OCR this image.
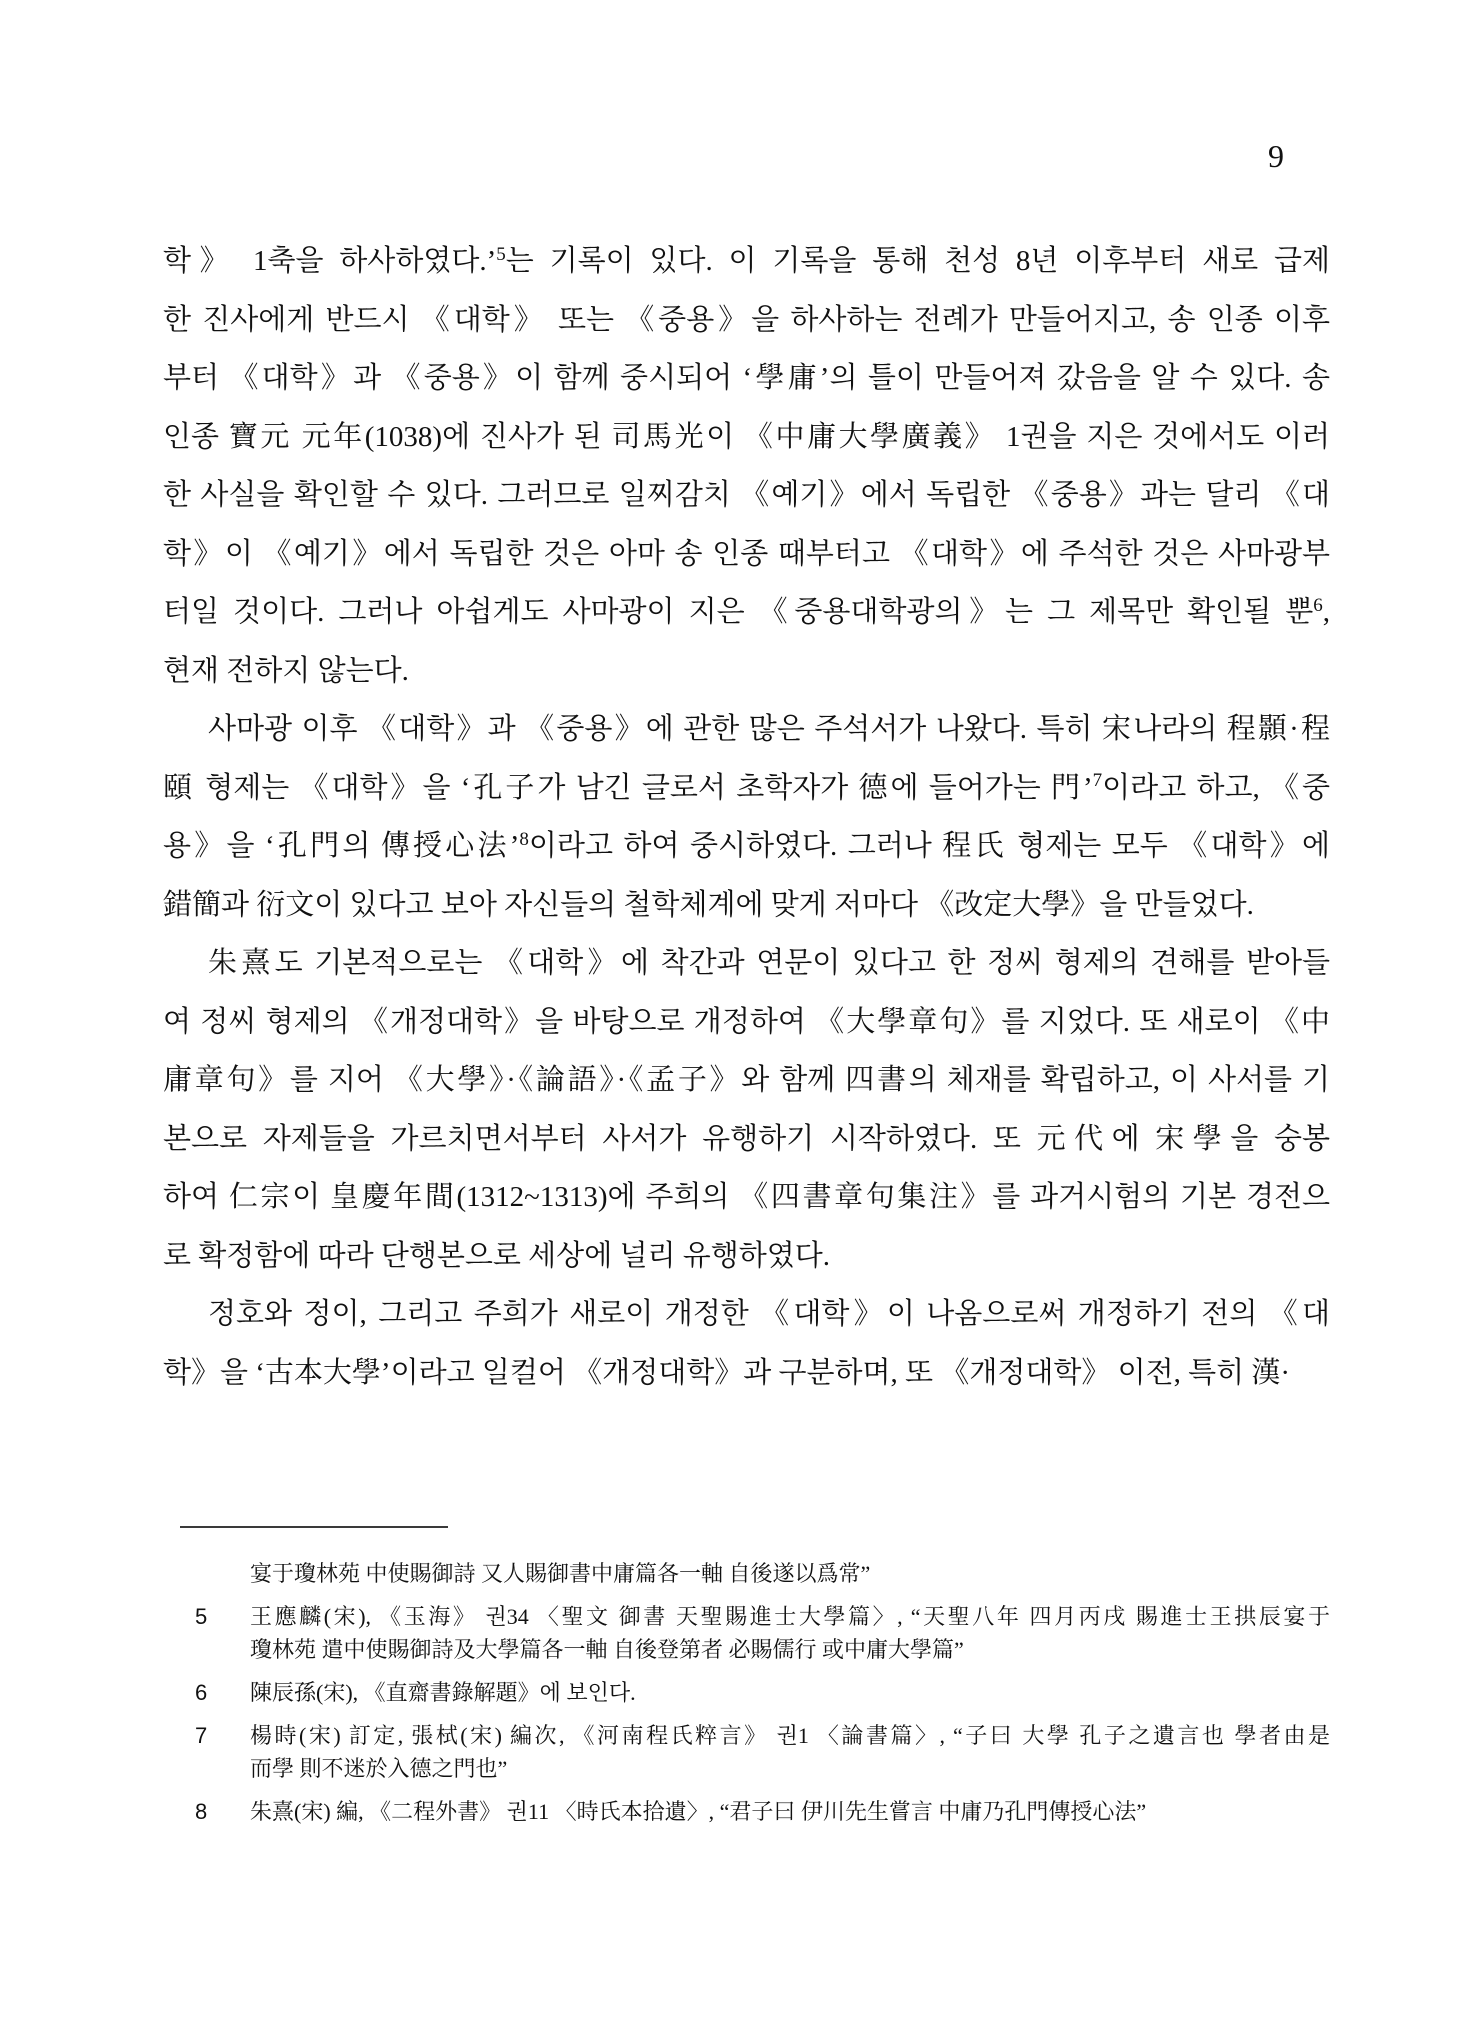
9
학》 1축을 하사하였다.’$^5$는 기록이 있다. 이 기록을 통해 천성 8년 이후부터 새로 급제
한 진사에게 반드시 《대학》 또는 《중용》을 하사하는 전례가 만들어지고, 송 인종 이후
부터 《대학》과 《중용》이 함께 중시되어 ‘學庸’의 틀이 만들어져 갔음을 알 수 있다. 송
인종 寶元 元年(1038)에 진사가 된 司馬光이 《中庸大學廣義》 1권을 지은 것에서도 이러
한 사실을 확인할 수 있다. 그러므로 일찌감치 《예기》에서 독립한 《중용》과는 달리 《대
학》이 《예기》에서 독립한 것은 아마 송 인종 때부터고 《대학》에 주석한 것은 사마광부
터일 것이다. 그러나 아쉽게도 사마광이 지은 《중용대학광의》는 그 제목만 확인될 뿐$^6$,
현재 전하지 않는다.
사마광 이후 《대학》과 《중용》에 관한 많은 주석서가 나왔다. 특히 宋나라의 程顥·程
頤 형제는 《대학》을 ‘孔子가 남긴 글로서 초학자가 德에 들어가는 門’$^7$이라고 하고, 《중
용》을 ‘孔門의 傳授心法’$^8$이라고 하여 중시하였다. 그러나 程氏 형제는 모두 《대학》에
錯簡과 衍文이 있다고 보아 자신들의 철학체계에 맞게 저마다 《改定大學》을 만들었다.
朱熹도 기본적으로는 《대학》에 착간과 연문이 있다고 한 정씨 형제의 견해를 받아들
여 정씨 형제의 《개정대학》을 바탕으로 개정하여 《大學章句》를 지었다. 또 새로이 《中
庸章句》를 지어 《大學》·《論語》·《孟子》와 함께 四書의 체재를 확립하고, 이 사서를 기
본으로 자제들을 가르치면서부터 사서가 유행하기 시작하였다. 또 元代에 宋學을 숭봉
하여 仁宗이 皇慶年間(1312~1313)에 주희의 《四書章句集注》를 과거시험의 기본 경전으
로 확정함에 따라 단행본으로 세상에 널리 유행하였다.
정호와 정이, 그리고 주희가 새로이 개정한 《대학》이 나옴으로써 개정하기 전의 《대
학》을 ‘古本大學’이라고 일컬어 《개정대학》과 구분하며, 또 《개정대학》 이전, 특히 漢·
宴于瓊林苑 中使賜御詩 又人賜御書中庸篇各一軸 自後遂以爲常”
5	王應麟(宋), 《玉海》 권34 〈聖文 御書 天聖賜進士大學篇〉, “天聖八年 四月丙戌 賜進士王拱辰宴于
瓊林苑 遣中使賜御詩及大學篇各一軸 自後登第者 必賜儒行 或中庸大學篇”
6	陳辰孫(宋), 《直齋書錄解題》에 보인다.
7	楊時(宋) 訂定, 張栻(宋) 編次, 《河南程氏粹言》 권1 〈論書篇〉, “子曰 大學 孔子之遺言也 學者由是
而學 則不迷於入德之門也”
8	朱熹(宋) 編, 《二程外書》 권11 〈時氏本拾遺〉, “君子曰 伊川先生嘗言 中庸乃孔門傳授心法”
